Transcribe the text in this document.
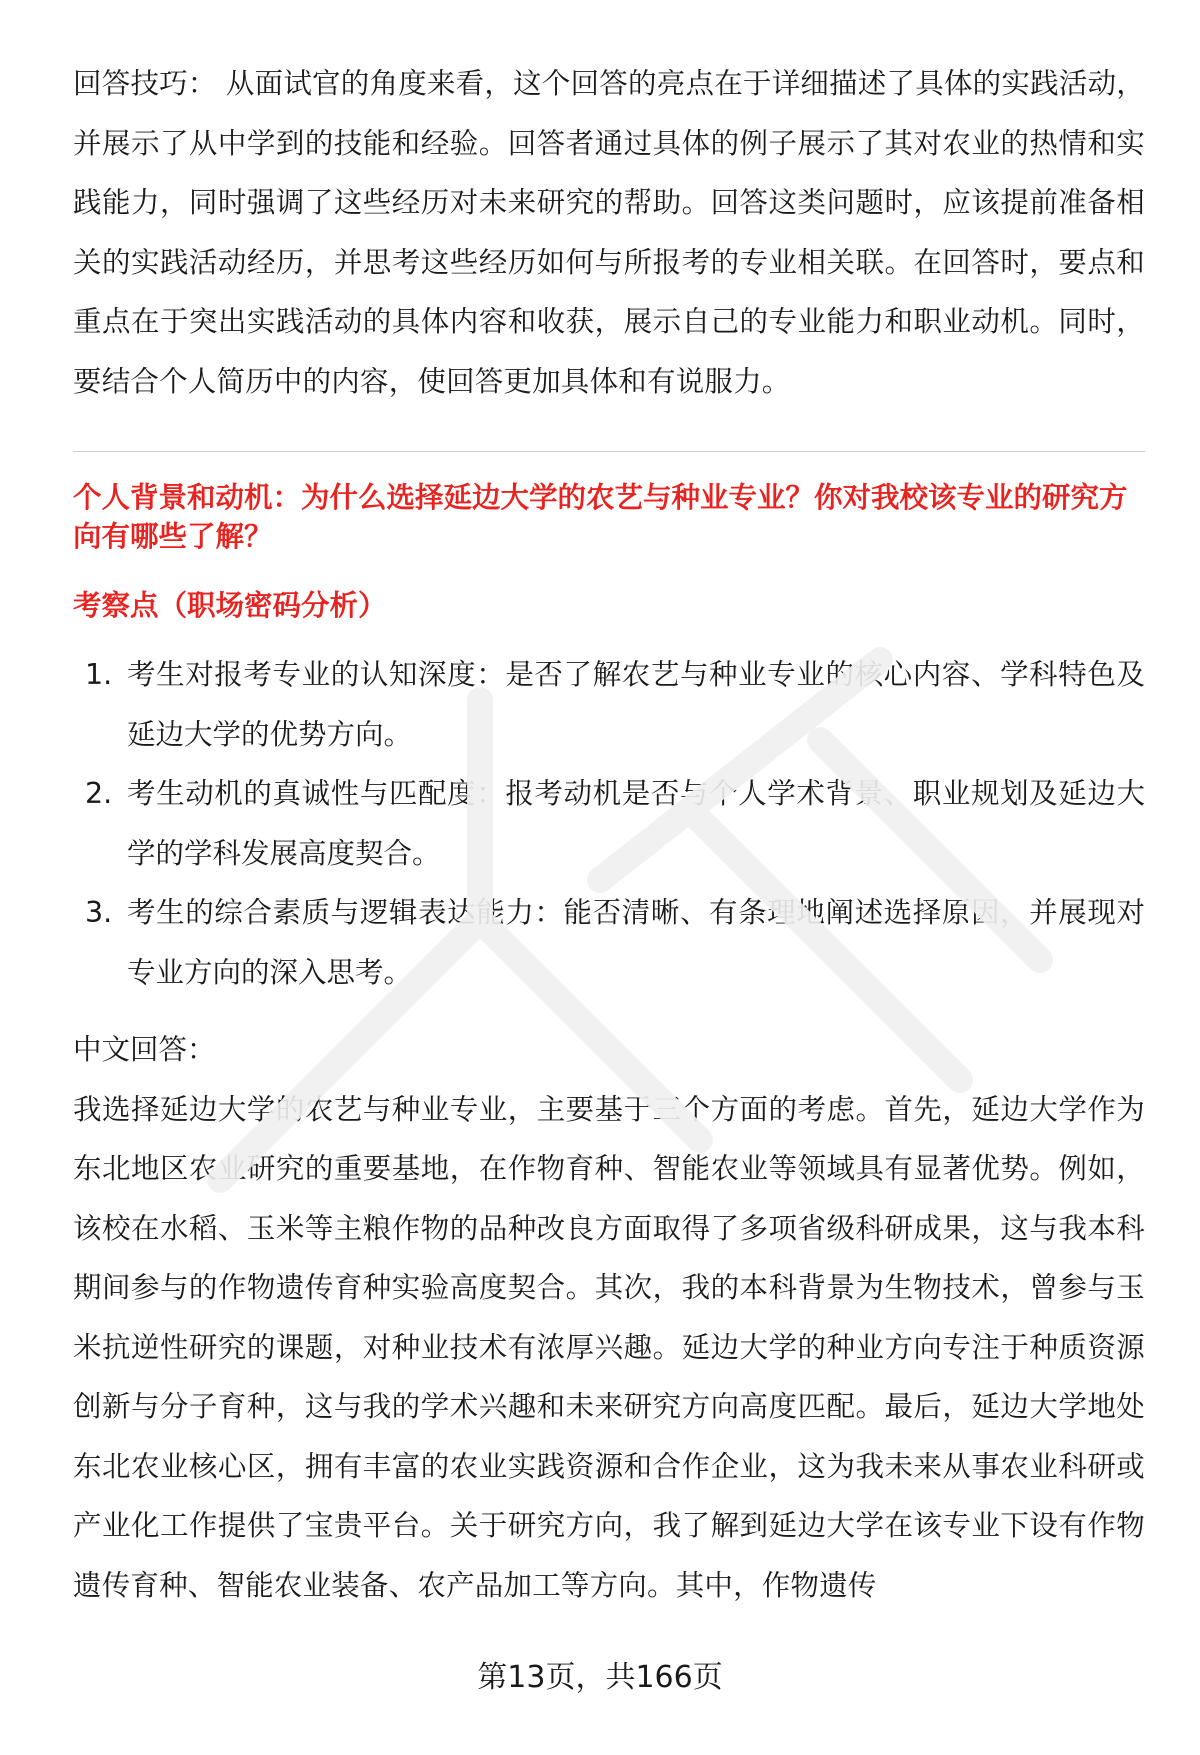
回答技巧： 从面试官的角度来看，这个回答的亮点在于详细描述了具体的实践活动，并展示了从中学到的技能和经验。回答者通过具体的例子展示了其对农业的热情和实践能力，同时强调了这些经历对未来研究的帮助。回答这类问题时，应该提前准备相关的实践活动经历，并思考这些经历如何与所报考的专业相关联。在回答时，要点和重点在于突出实践活动的具体内容和收获，展示自己的专业能力和职业动机。同时，要结合个人简历中的内容，使回答更加具体和有说服力。

个人背景和动机：为什么选择延边大学的农艺与种业专业？你对我校该专业的研究方向有哪些了解？

考察点（职场密码分析）

1. 考生对报考专业的认知深度：是否了解农艺与种业专业的核心内容、学科特色及延边大学的优势方向。
2. 考生动机的真诚性与匹配度：报考动机是否与个人学术背景、职业规划及延边大学的学科发展高度契合。
3. 考生的综合素质与逻辑表达能力：能否清晰、有条理地阐述选择原因，并展现对专业方向的深入思考。

中文回答：

我选择延边大学的农艺与种业专业，主要基于三个方面的考虑。首先，延边大学作为东北地区农业研究的重要基地，在作物育种、智能农业等领域具有显著优势。例如，该校在水稻、玉米等主粮作物的品种改良方面取得了多项省级科研成果，这与我本科期间参与的作物遗传育种实验高度契合。其次，我的本科背景为生物技术，曾参与玉米抗逆性研究的课题，对种业技术有浓厚兴趣。延边大学的种业方向专注于种质资源创新与分子育种，这与我的学术兴趣和未来研究方向高度匹配。最后，延边大学地处东北农业核心区，拥有丰富的农业实践资源和合作企业，这为我未来从事农业科研或产业化工作提供了宝贵平台。关于研究方向，我了解到延边大学在该专业下设有作物遗传育种、智能农业装备、农产品加工等方向。其中，作物遗传

第13页，共166页
